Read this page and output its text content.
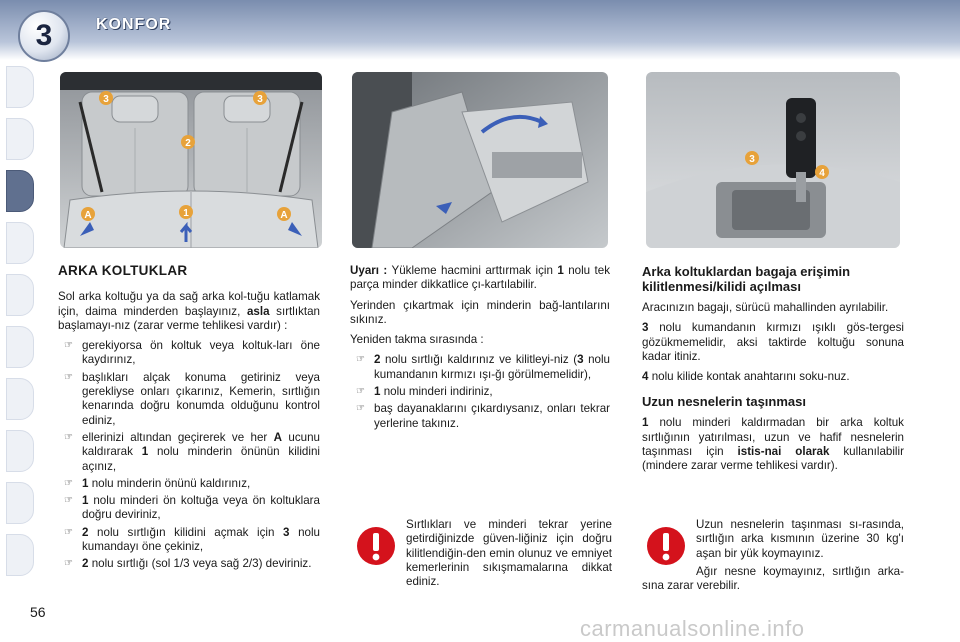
3	KONFOR
3	3
2
A	1	A
3
4
ARKA KOLTUKLAR

Sol arka koltuğu ya da sağ arka kol-tuğu katlamak için, daima minderden başlayınız, asla sırtlıktan başlamayı-nız (zarar verme tehlikesi vardır) :

☞ gerekiyorsa ön koltuk veya koltuk-ları öne kaydırınız,
☞ başlıkları alçak konuma getiriniz veya gerekliyse onları çıkarınız, Kemerin, sırtlığın kenarında doğru konumda olduğunu kontrol ediniz,
☞ ellerinizi altından geçirerek ve her A ucunu kaldırarak 1 nolu minderin önünün kilidini açınız,
☞ 1 nolu minderin önünü kaldırınız,
☞ 1 nolu minderi ön koltuğa veya ön koltuklara doğru deviriniz,
☞ 2 nolu sırtlığın kilidini açmak için 3 nolu kumandayı öne çekiniz,
☞ 2 nolu sırtlığı (sol 1/3 veya sağ 2/3) deviriniz.

Uyarı : Yükleme hacmini arttırmak için 1 nolu tek parça minder dikkatlice çı-kartılabilir.

Yerinden çıkartmak için minderin bağ-lantılarını sıkınız.

Yeniden takma sırasında :

☞ 2 nolu sırtlığı kaldırınız ve kilitleyi-niz (3 nolu kumandanın kırmızı ışı-ğı görülmemelidir),
☞ 1 nolu minderi indiriniz,
☞ baş dayanaklarını çıkardıysanız, onları tekrar yerlerine takınız.
Sırtlıkları ve minderi tekrar yerine getirdiğinizde güven-liğiniz için doğru kilitlendiğin-den emin olunuz ve emniyet kemerlerinin sıkışmamalarına dikkat ediniz.
Arka koltuklardan bagaja erişimin kilitlenmesi/kilidi açılması

Aracınızın bagajı, sürücü mahallinden ayrılabilir.

3 nolu kumandanın kırmızı ışıklı gös-tergesi gözükmemelidir, aksi taktirde koltuğu sonuna kadar itiniz.

4 nolu kilide kontak anahtarını soku-nuz.

Uzun nesnelerin taşınması

1 nolu minderi kaldırmadan bir arka koltuk sırtlığının yatırılması, uzun ve hafif nesnelerin taşınması için istis-nai olarak kullanılabilir (mindere zarar verme tehlikesi vardır).

Uzun nesnelerin taşınması sı-rasında, sırtlığın arka kısmının üzerine 30 kg'ı aşan bir yük koymayınız.
Ağır nesne koymayınız, sırtlığın arka-sına zarar verebilir.
56
carmanualsonline.info
